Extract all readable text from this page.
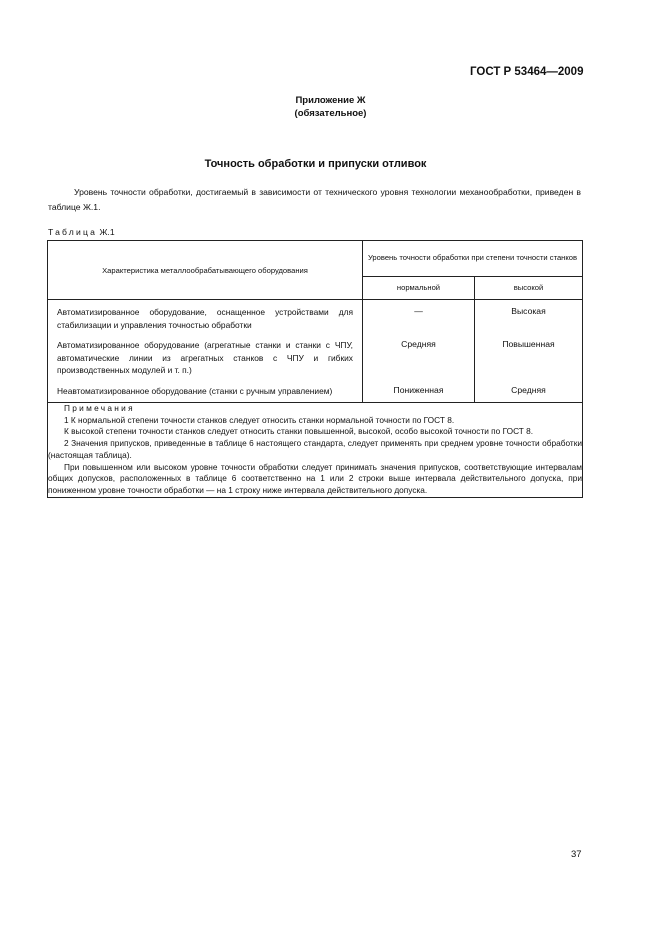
ГОСТ Р 53464—2009
Приложение Ж
(обязательное)
Точность обработки и припуски отливок
Уровень точности обработки, достигаемый в зависимости от технического уровня технологии механообработки, приведен в таблице Ж.1.
Таблица Ж.1
Характеристика металлообрабатывающего оборудования	Уровень точности обработки при степени точности станков	
	нормальной	высокой
Автоматизированное оборудование, оснащенное устройствами для стабилизации и управления точностью обработки	—	Высокая
Автоматизированное оборудование (агрегатные станки и станки с ЧПУ, автоматические линии из агрегатных станков с ЧПУ и гибких производственных модулей и т. п.)	Средняя	Повышенная
Неавтоматизированное оборудование (станки с ручным управлением)	Пониженная	Средняя

Примечания

1 К нормальной степени точности станков следует относить станки нормальной точности по ГОСТ 8.

К высокой степени точности станков следует относить станки повышенной, высокой, особо высокой точности по ГОСТ 8.

2 Значения припусков, приведенные в таблице 6 настоящего стандарта, следует применять при среднем уровне точности обработки (настоящая таблица).

При повышенном или высоком уровне точности обработки следует принимать значения припусков, соответствующие интервалам общих допусков, расположенных в таблице 6 соответственно на 1 или 2 строки выше интервала действительного допуска, при пониженном уровне точности обработки — на 1 строку ниже интервала действительного допуска.		

37
